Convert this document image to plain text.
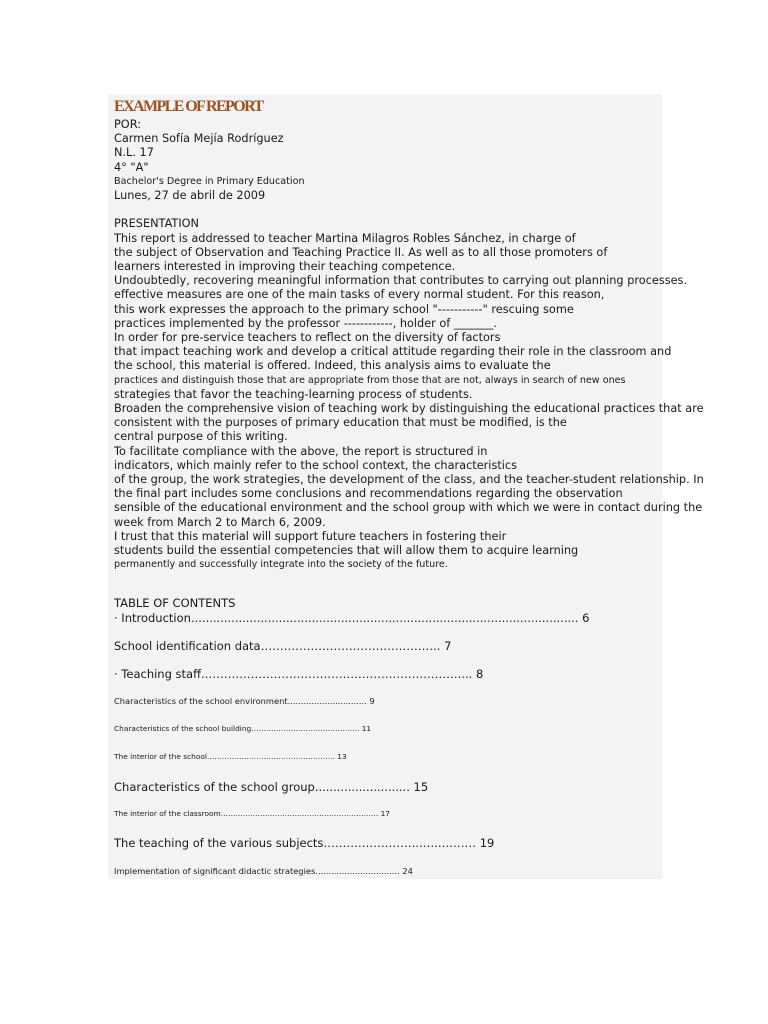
EXAMPLE OF REPORT
POR:
Carmen Sofía Mejía Rodríguez
N.L. 17
4° "A"
Bachelor's Degree in Primary Education
Lunes, 27 de abril de 2009
PRESENTATION
This report is addressed to teacher Martina Milagros Robles Sánchez, in charge of
the subject of Observation and Teaching Practice II. As well as to all those promoters of
learners interested in improving their teaching competence.
Undoubtedly, recovering meaningful information that contributes to carrying out planning processes.
effective measures are one of the main tasks of every normal student. For this reason,
this work expresses the approach to the primary school "-----------" rescuing some
practices implemented by the professor ------------, holder of _______.
In order for pre-service teachers to reflect on the diversity of factors
that impact teaching work and develop a critical attitude regarding their role in the classroom and
the school, this material is offered. Indeed, this analysis aims to evaluate the
practices and distinguish those that are appropriate from those that are not, always in search of new ones
strategies that favor the teaching-learning process of students.
Broaden the comprehensive vision of teaching work by distinguishing the educational practices that are
consistent with the purposes of primary education that must be modified, is the
central purpose of this writing.
To facilitate compliance with the above, the report is structured in
indicators, which mainly refer to the school context, the characteristics
of the group, the work strategies, the development of the class, and the teacher-student relationship. In
the final part includes some conclusions and recommendations regarding the observation
sensible of the educational environment and the school group with which we were in contact during the
week from March 2 to March 6, 2009.
I trust that this material will support future teachers in fostering their
students build the essential competencies that will allow them to acquire learning
permanently and successfully integrate into the society of the future.
TABLE OF CONTENTS
· Introduction.......................................................................................................... 6
School identification data……………………………………….. 7
· Teaching staff.………………………………………………………….... 8
Characteristics of the school environment.............................. 9
Characteristics of the school building…………………………………….. 11
The interior of the school……………………………………………. 13
Characteristics of the school group.......................... 15
The interior of the classroom………………………………………………………. 17
The teaching of the various subjects……………………..…..……… 19
Implementation of significant didactic strategies................................ 24
